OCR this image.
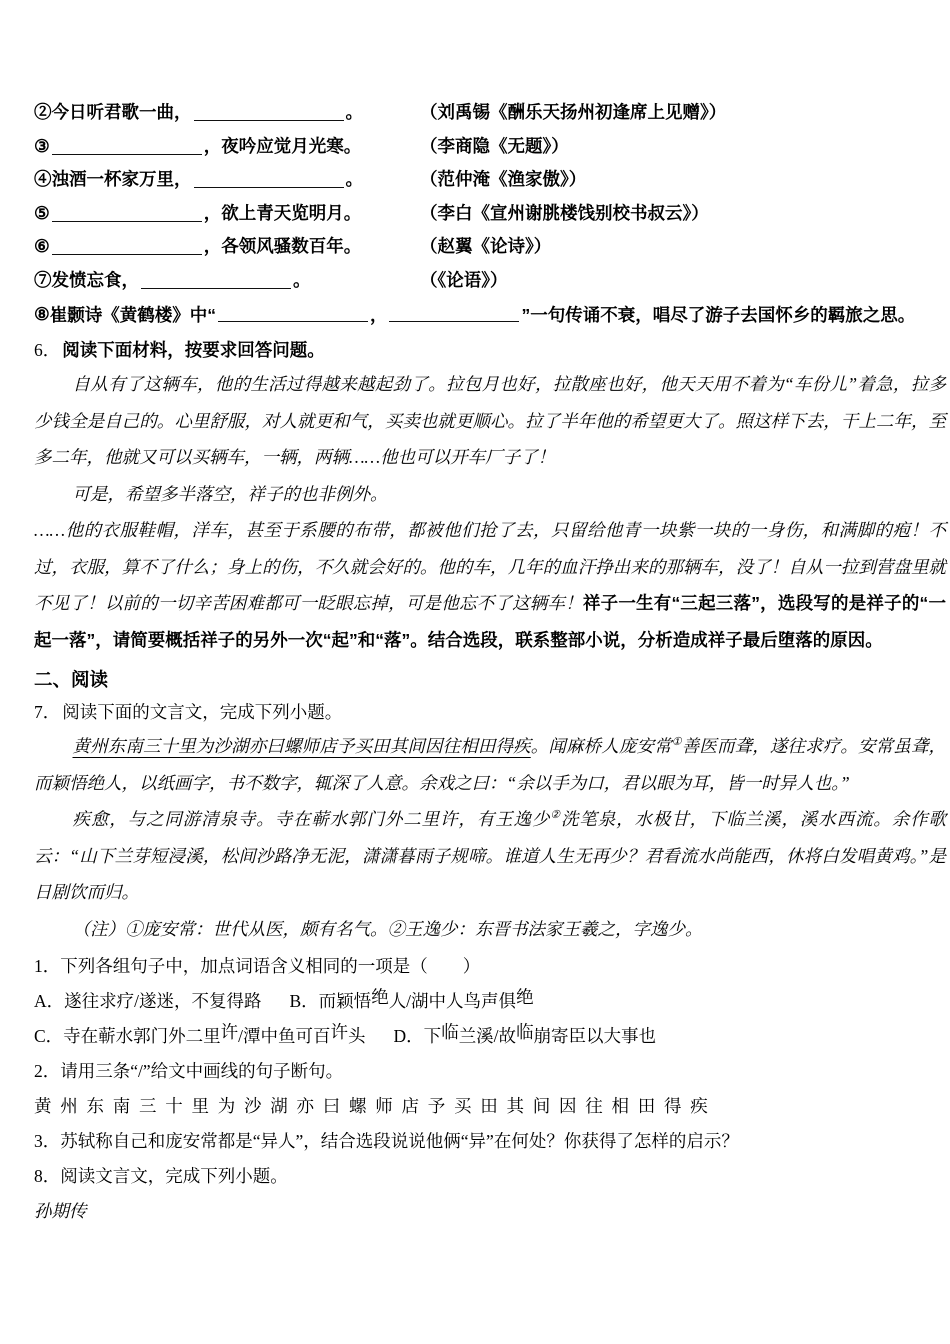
②今日听君歌一曲，	。	（刘禹锡《酬乐天扬州初逢席上见赠》）
③	，夜吟应觉月光寒。	（李商隐《无题》）
④浊酒一杯家万里，	。	（范仲淹《渔家傲》）
⑤	，欲上青天览明月。	（李白《宣州谢朓楼饯别校书叔云》）
⑥	，各领风骚数百年。	（赵翼《论诗》）
⑦发愤忘食，	。	（《论语》）
⑧ 崔颢诗《黄鹤楼》中“	，	”一句传诵不衰，唱尽了游子去国怀乡的羁旅之思。
6． 阅读下面材料，按要求回答问题。

自从有了这辆车，他的生活过得越来越起劲了。拉包月也好，拉散座也好，他天天用不着为“车份儿”着急，拉多少钱全是自己的。心里舒服，对人就更和气，买卖也就更顺心。拉了半年他的希望更大了。照这样下去，干上二年，至多二年，他就又可以买辆车，一辆，两辆……他也可以开车厂子了！

可是，希望多半落空，祥子的也非例外。

……他的衣服鞋帽，洋车，甚至于系腰的布带，都被他们抢了去，只留给他青一块紫一块的一身伤，和满脚的疱！不过，衣服，算不了什么；身上的伤，不久就会好的。他的车，几年的血汗挣出来的那辆车，没了！自从一拉到营盘里就不见了！以前的一切辛苦困难都可一眨眼忘掉，可是他忘不了这辆车！祥子一生有“三起三落”，选段写的是祥子的“一起一落”，请简要概括祥子的另外一次“起”和“落”。结合选段，联系整部小说，分析造成祥子最后堕落的原因。

二、阅读
7． 阅读下面的文言文，完成下列小题。

黄州东南三十里为沙湖亦曰螺师店予买田其间因往相田得疾。闻麻桥人庞安常①善医而聋，遂往求疗。安常虽聋，而颖悟绝人，以纸画字，书不数字，辄深了人意。余戏之曰：“余以手为口，君以眼为耳，皆一时异人也。”

疾愈，与之同游清泉寺。寺在蕲水郭门外二里许，有王逸少②洗笔泉，水极甘，下临兰溪，溪水西流。余作歌云：“山下兰芽短浸溪，松间沙路净无泥，潇潇暮雨子规啼。谁道人生无再少？君看流水尚能西，休将白发唱黄鸡。”是日剧饮而归。

（注）①庞安常：世代从医，颇有名气。②王逸少：东晋书法家王羲之，字逸少。

1．下列各组句子中，加点词语含义相同的一项是（　　）
A．遂往求疗/遂迷，不复得路 B．而颖悟绝人/湖中人鸟声俱绝
C．寺在蕲水郭门外二里许/潭中鱼可百许头 D．下临兰溪/故临崩寄臣以大事也
2．请用三条“/”给文中画线的句子断句。
黄州东南三十里为沙湖亦曰螺师店予买田其间因往相田得疾
3．苏轼称自己和庞安常都是“异人”，结合选段说说他俩“异”在何处？你获得了怎样的启示？
8．阅读文言文，完成下列小题。
孙期传
